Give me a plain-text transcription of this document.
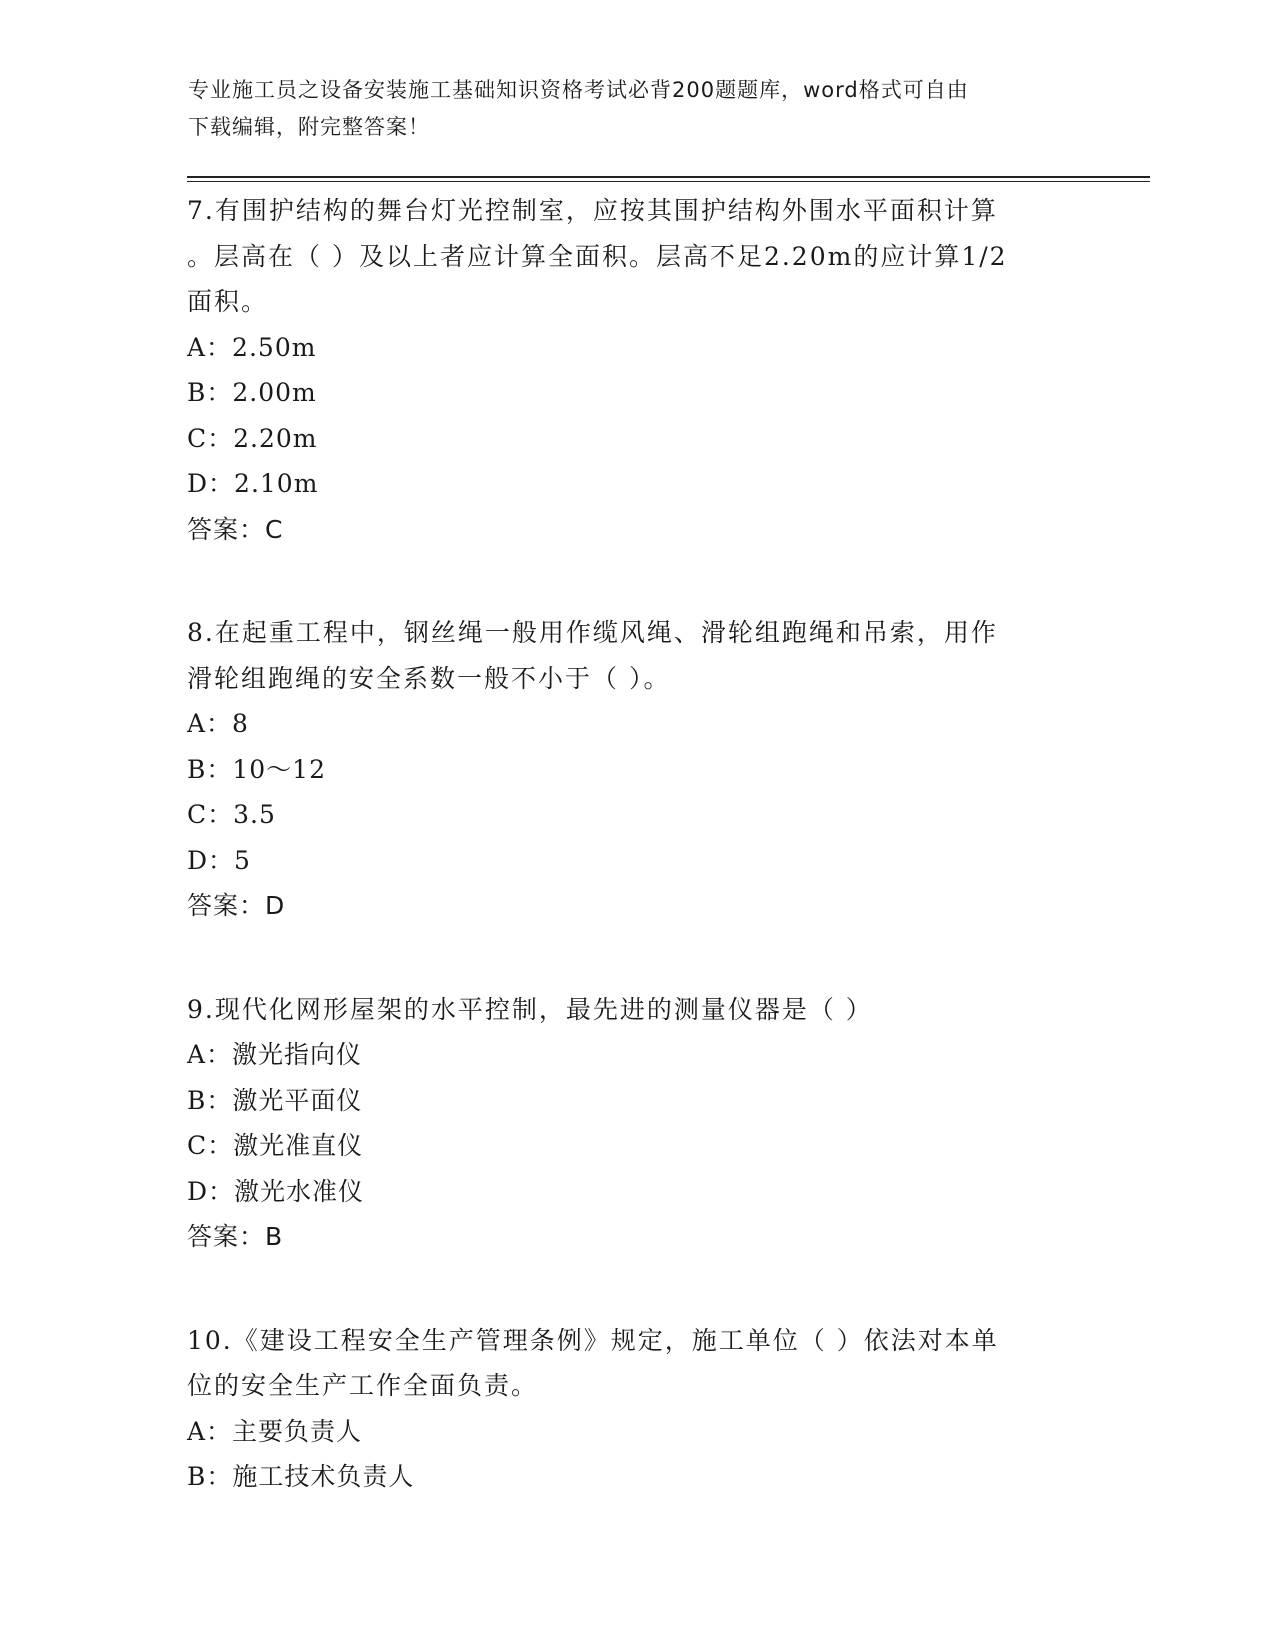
专业施工员之设备安装施工基础知识资格考试必背200题题库，word格式可自由
下载编辑，附完整答案！
7.有围护结构的舞台灯光控制室，应按其围护结构外围水平面积计算
。层高在（ ）及以上者应计算全面积。层高不足2.20m的应计算1/2
面积。
A：2.50m
B：2.00m
C：2.20m
D：2.10m
答案：C
8.在起重工程中，钢丝绳一般用作缆风绳、滑轮组跑绳和吊索，用作
滑轮组跑绳的安全系数一般不小于（ ）。
A：8
B：10～12
C：3.5
D：5
答案：D
9.现代化网形屋架的水平控制，最先进的测量仪器是（ ）
A：激光指向仪
B：激光平面仪
C：激光准直仪
D：激光水准仪
答案：B
10.《建设工程安全生产管理条例》规定，施工单位（ ）依法对本单
位的安全生产工作全面负责。
A：主要负责人
B：施工技术负责人
